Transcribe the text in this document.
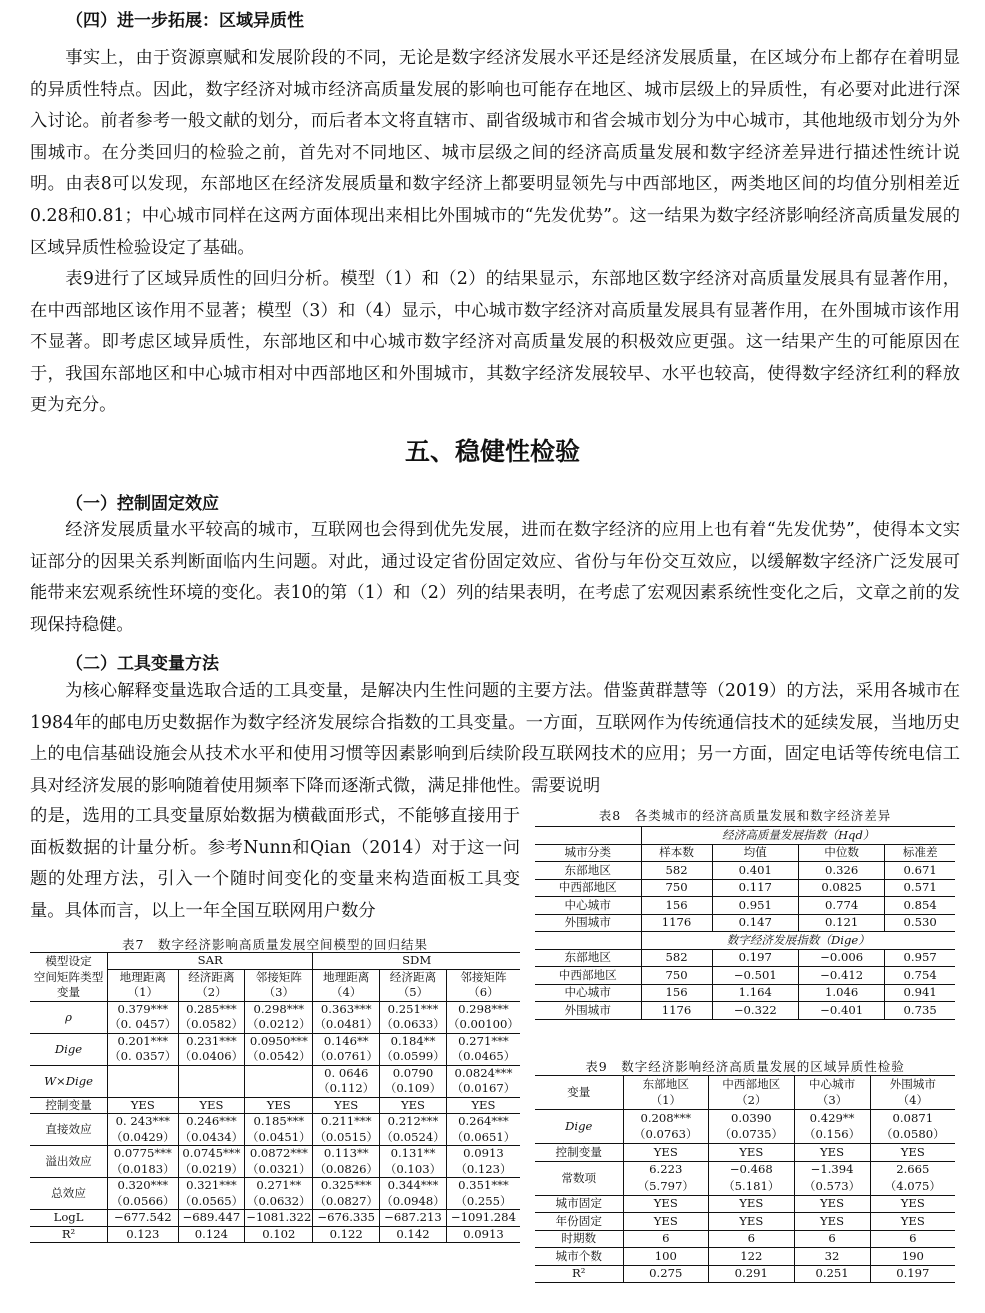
（四）进一步拓展：区域异质性
事实上，由于资源禀赋和发展阶段的不同，无论是数字经济发展水平还是经济发展质量，在区域分布上都存在着明显的异质性特点。因此，数字经济对城市经济高质量发展的影响也可能存在地区、城市层级上的异质性，有必要对此进行深入讨论。前者参考一般文献的划分，而后者本文将直辖市、副省级城市和省会城市划分为中心城市，其他地级市划分为外围城市。在分类回归的检验之前，首先对不同地区、城市层级之间的经济高质量发展和数字经济差异进行描述性统计说明。由表8可以发现，东部地区在经济发展质量和数字经济上都要明显领先与中西部地区，两类地区间的均值分别相差近0.28和0.81；中心城市同样在这两方面体现出来相比外围城市的“先发优势”。这一结果为数字经济影响经济高质量发展的区域异质性检验设定了基础。
表9进行了区域异质性的回归分析。模型（1）和（2）的结果显示，东部地区数字经济对高质量发展具有显著作用，在中西部地区该作用不显著；模型（3）和（4）显示，中心城市数字经济对高质量发展具有显著作用，在外围城市该作用不显著。即考虑区域异质性，东部地区和中心城市数字经济对高质量发展的积极效应更强。这一结果产生的可能原因在于，我国东部地区和中心城市相对中西部地区和外围城市，其数字经济发展较早、水平也较高，使得数字经济红利的释放更为充分。
五、稳健性检验
（一）控制固定效应
经济发展质量水平较高的城市，互联网也会得到优先发展，进而在数字经济的应用上也有着“先发优势”，使得本文实证部分的因果关系判断面临内生问题。对此，通过设定省份固定效应、省份与年份交互效应，以缓解数字经济广泛发展可能带来宏观系统性环境的变化。表10的第（1）和（2）列的结果表明，在考虑了宏观因素系统性变化之后，文章之前的发现保持稳健。
（二）工具变量方法
为核心解释变量选取合适的工具变量，是解决内生性问题的主要方法。借鉴黄群慧等（2019）的方法，采用各城市在1984年的邮电历史数据作为数字经济发展综合指数的工具变量。一方面，互联网作为传统通信技术的延续发展，当地历史上的电信基础设施会从技术水平和使用习惯等因素影响到后续阶段互联网技术的应用；另一方面，固定电话等传统电信工具对经济发展的影响随着使用频率下降而逐渐式微，满足排他性。需要说明
的是，选用的工具变量原始数据为横截面形式，不能够直接用于面板数据的计量分析。参考Nunn和Qian（2014）对于这一问题的处理方法，引入一个随时间变化的变量来构造面板工具变量。具体而言，以上一年全国互联网用户数分
表7　数字经济影响高质量发展空间模型的回归结果
模型设定	SAR			SDM		
空间矩阵类型	地理距离	经济距离	邻接矩阵	地理距离	经济距离	邻接矩阵
变量	（1）	（2）	（3）	（4）	（5）	（6）
ρ	0.379***	0.285***	0.298***	0.363***	0.251***	0.298***
	（0. 0457）	（0.0582）	（0.0212）	（0.0481）	（0.0633）	（0.00100）
Dige	0.201***	0.231***	0.0950***	0.146**	0.184**	0.271***
	（0. 0357）	（0.0406）	（0.0542）	（0.0761）	（0.0599）	（0.0465）
W×Dige				0. 0646	0.0790	0.0824***
				（0.112）	（0.109）	（0.0167）
控制变量	YES	YES	YES	YES	YES	YES
直接效应	0. 243***	0.246***	0.185***	0.211***	0.212***	0.264***
	（0.0429）	（0.0434）	（0.0451）	（0.0515）	（0.0524）	（0.0651）
溢出效应	0.0775***	0.0745***	0.0872***	0.113**	0.131**	0.0913
	（0.0183）	（0.0219）	（0.0321）	（0.0826）	（0.103）	（0.123）
总效应	0.320***	0.321***	0.271**	0.325***	0.344***	0.351***
	（0.0566）	（0.0565）	（0.0632）	（0.0827）	（0.0948）	（0.255）
LogL	−677.542	−689.447	−1081.322	−676.335	−687.213	−1091.284
R²	0.123	0.124	0.102	0.122	0.142	0.0913
表8　各类城市的经济高质量发展和数字经济差异
	经济高质量发展指数（Hqd）			
城市分类	样本数	均值	中位数	标准差
东部地区	582	0.401	0.326	0.671
中西部地区	750	0.117	0.0825	0.571
中心城市	156	0.951	0.774	0.854
外围城市	1176	0.147	0.121	0.530
	数字经济发展指数（Dige）			
东部地区	582	0.197	−0.006	0.957
中西部地区	750	−0.501	−0.412	0.754
中心城市	156	1.164	1.046	0.941
外围城市	1176	−0.322	−0.401	0.735
表9　数字经济影响经济高质量发展的区域异质性检验
变量	东部地区	中西部地区	中心城市	外围城市
	（1）	（2）	（3）	（4）
Dige	0.208***	0.0390	0.429**	0.0871
	（0.0763）	（0.0735）	（0.156）	（0.0580）
控制变量	YES	YES	YES	YES
常数项	6.223	−0.468	−1.394	2.665
	（5.797）	（5.181）	（0.573）	（4.075）
城市固定	YES	YES	YES	YES
年份固定	YES	YES	YES	YES
时期数	6	6	6	6
城市个数	100	122	32	190
R²	0.275	0.291	0.251	0.197
